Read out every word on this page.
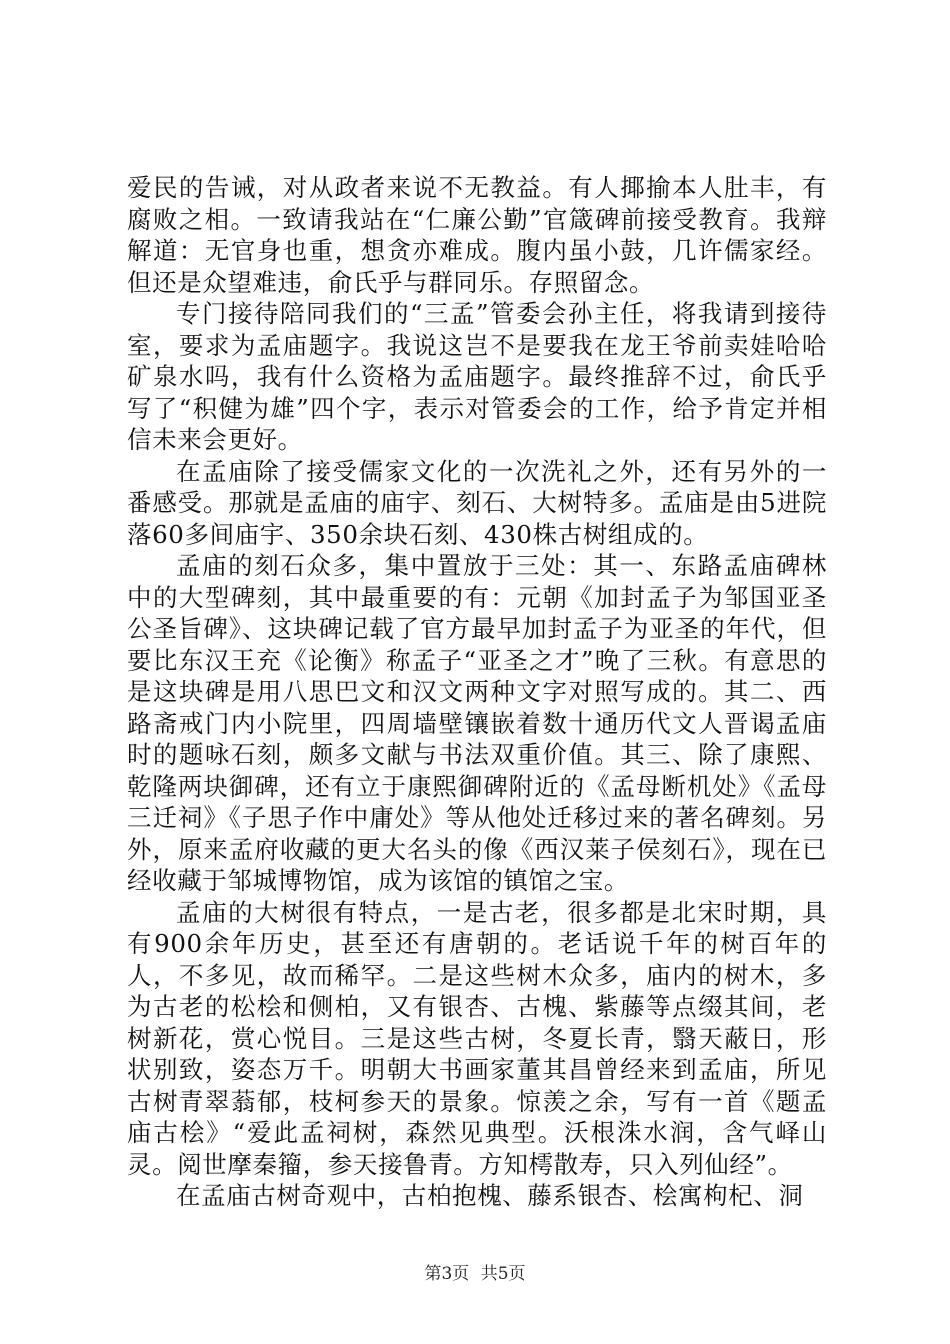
爱民的告诫，对从政者来说不无教益。有人揶揄本人肚丰，有腐败之相。一致请我站在“仁廉公勤”官箴碑前接受教育。我辩解道：无官身也重，想贪亦难成。腹内虽小鼓，几许儒家经。但还是众望难违，俞氏乎与群同乐。存照留念。

专门接待陪同我们的“三孟”管委会孙主任，将我请到接待室，要求为孟庙题字。我说这岂不是要我在龙王爷前卖娃哈哈矿泉水吗，我有什么资格为孟庙题字。最终推辞不过，俞氏乎写了“积健为雄”四个字，表示对管委会的工作，给予肯定并相信未来会更好。

在孟庙除了接受儒家文化的一次洗礼之外，还有另外的一番感受。那就是孟庙的庙宇、刻石、大树特多。孟庙是由5进院落60多间庙宇、350余块石刻、430株古树组成的。

孟庙的刻石众多，集中置放于三处：其一、东路孟庙碑林中的大型碑刻，其中最重要的有：元朝《加封孟子为邹国亚圣公圣旨碑》、这块碑记载了官方最早加封孟子为亚圣的年代，但要比东汉王充《论衡》称孟子“亚圣之才”晚了三秋。有意思的是这块碑是用八思巴文和汉文两种文字对照写成的。其二、西路斋戒门内小院里，四周墙壁镶嵌着数十通历代文人晋谒孟庙时的题咏石刻，颇多文献与书法双重价值。其三、除了康熙、乾隆两块御碑，还有立于康熙御碑附近的《孟母断机处》《孟母三迁祠》《子思子作中庸处》等从他处迁移过来的著名碑刻。另外，原来孟府收藏的更大名头的像《西汉莱子侯刻石》，现在已经收藏于邹城博物馆，成为该馆的镇馆之宝。

孟庙的大树很有特点，一是古老，很多都是北宋时期，具有900余年历史，甚至还有唐朝的。老话说千年的树百年的人，不多见，故而稀罕。二是这些树木众多，庙内的树木，多为古老的松桧和侧柏，又有银杏、古槐、紫藤等点缀其间，老树新花，赏心悦目。三是这些古树，冬夏长青，翳天蔽日，形状别致，姿态万千。明朝大书画家董其昌曾经来到孟庙，所见古树青翠蓊郁，枝柯参天的景象。惊羡之余，写有一首《题孟庙古桧》“爱此孟祠树，森然见典型。沃根洙水润，含气峄山灵。阅世摩秦籀，参天接鲁青。方知樗散寿，只入列仙经”。

在孟庙古树奇观中，古柏抱槐、藤系银杏、桧寓枸杞、洞

第3页 共5页
